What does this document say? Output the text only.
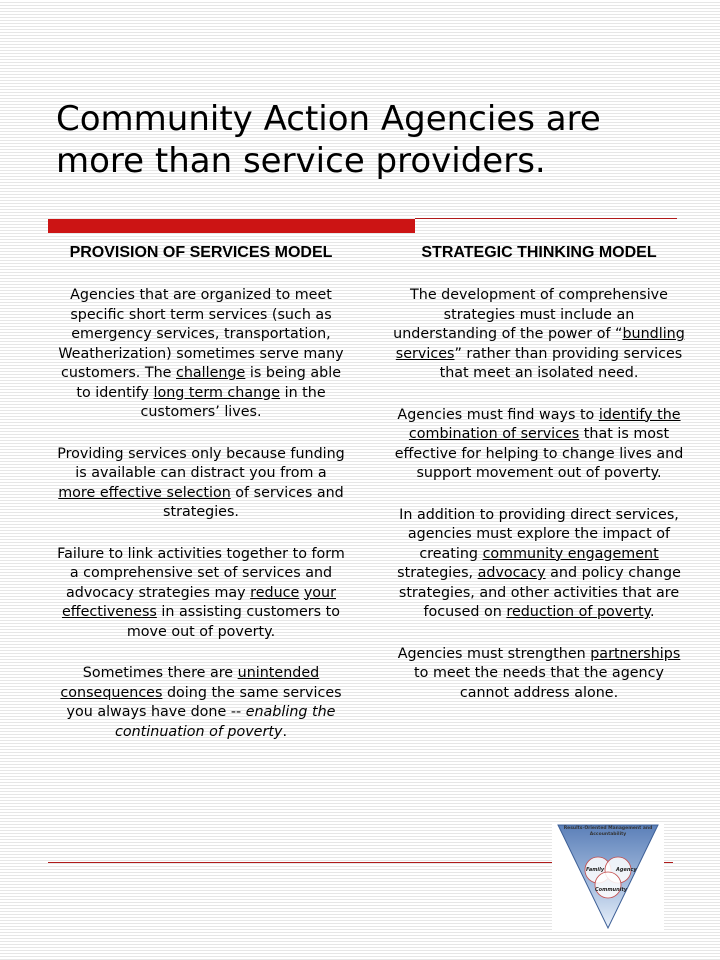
Community Action Agencies are
more than service providers.

PROVISION OF SERVICES MODEL

Agencies that are organized to meet specific short term services (such as emergency services, transportation, Weatherization) sometimes serve many customers. The challenge is being able to identify long term change in the customers’ lives.

Providing services only because funding is available can distract you from a more effective selection of services and strategies.

Failure to link activities together to form a comprehensive set of services and advocacy strategies may reduce your effectiveness in assisting customers to move out of poverty.

Sometimes there are unintended consequences doing the same services you always have done -- enabling the continuation of poverty.

STRATEGIC THINKING MODEL

The development of comprehensive strategies must include an understanding of the power of “bundling services” rather than providing services that meet an isolated need.

Agencies must find ways to identify the combination of services that is most effective for helping to change lives and support movement out of poverty.

In addition to providing direct services, agencies must explore the impact of creating community engagement strategies, advocacy and policy change strategies, and other activities that are focused on reduction of poverty.

Agencies must strengthen partnerships to meet the needs that the agency cannot address alone.

Results-Oriented Management and Accountability
Family Agency
Community
